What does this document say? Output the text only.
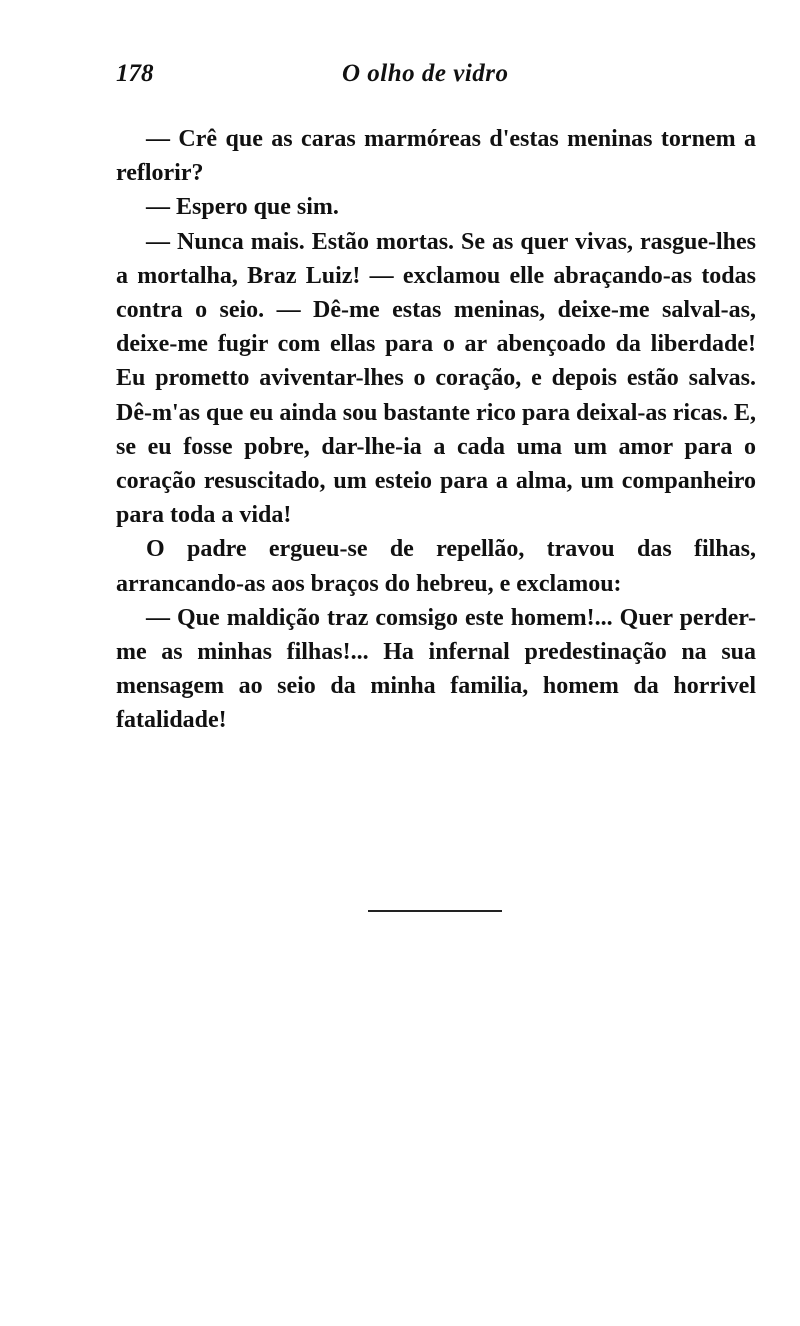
178	O olho de vidro

— Crê que as caras marmóreas d'estas meninas tornem a reflorir?

— Espero que sim.

— Nunca mais. Estão mortas. Se as quer vivas, rasgue-lhes a mortalha, Braz Luiz! — exclamou elle abraçando-as todas contra o seio. — Dê-me estas meninas, deixe-me salval-as, deixe-me fugir com ellas para o ar abençoado da liberdade! Eu prometto aviventar-lhes o coração, e depois estão salvas. Dê-m'as que eu ainda sou bastante rico para deixal-as ricas. E, se eu fosse pobre, dar-lhe-ia a cada uma um amor para o coração resuscitado, um esteio para a alma, um companheiro para toda a vida!

O padre ergueu-se de repellão, travou das filhas, arrancando-as aos braços do hebreu, e exclamou:

— Que maldição traz comsigo este homem!... Quer perder-me as minhas filhas!... Ha infernal predestinação na sua mensagem ao seio da minha familia, homem da horrivel fatalidade!
